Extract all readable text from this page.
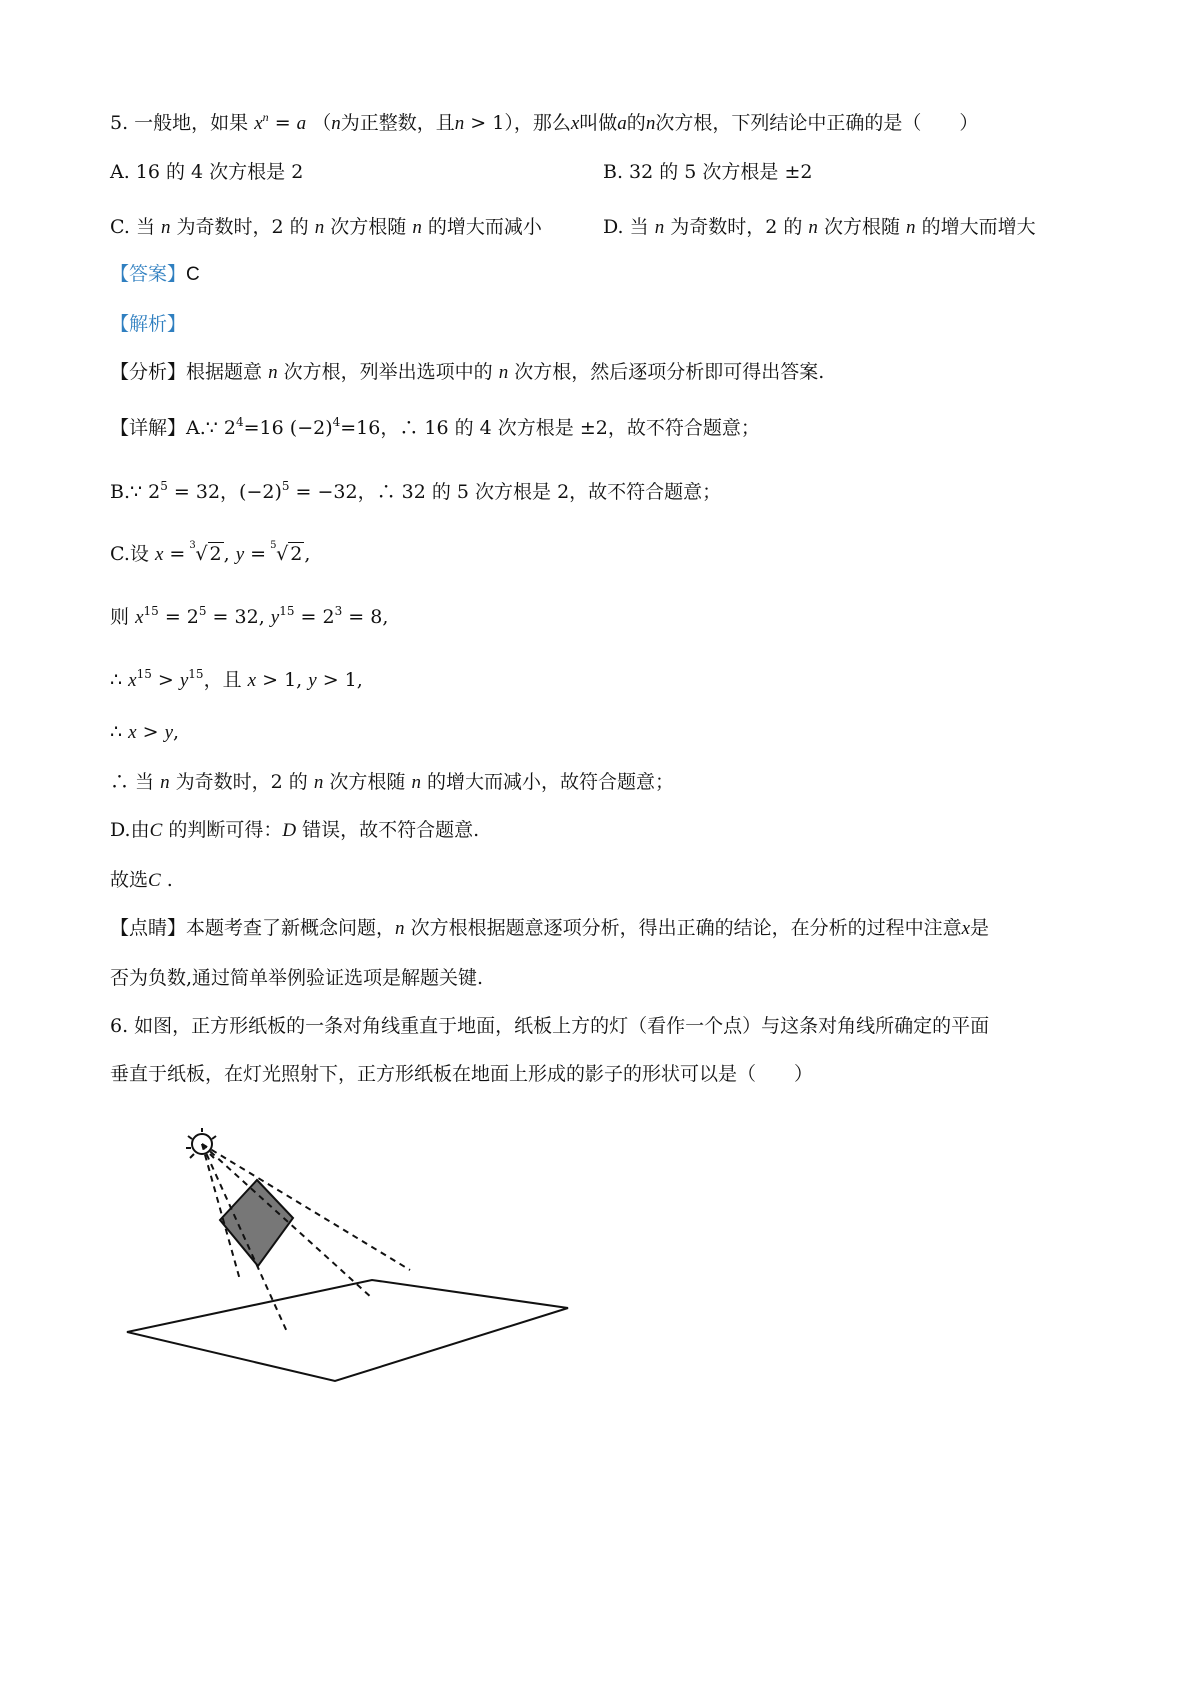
5. 一般地，如果 $x^n = a$ （n为正整数，且n > 1），那么x叫做a的n次方根，下列结论中正确的是（　　）
A. 16 的 4 次方根是 2	B. 32 的 5 次方根是 ±2
C. 当 n 为奇数时，2 的 n 次方根随 n 的增大而减小	D. 当 n 为奇数时，2 的 n 次方根随 n 的增大而增大
【答案】C
【解析】
【分析】根据题意 n 次方根，列举出选项中的 n 次方根，然后逐项分析即可得出答案.
【详解】A.∵ $2^4=16$ $(-2)^4=16$，∴ 16 的 4 次方根是 ±2，故不符合题意；
B.∵ $2^5 = 32$，$(-2)^5 = -32$，∴ 32 的 5 次方根是 2，故不符合题意；
C.设 x =
3 √ 2 , y =
5 √ 2 ,
则 $x^{15} = 2^5 = 32$, $y^{15} = 2^3 = 8$,
∴ $x^{15} > y^{15}$，且 x > 1, y > 1,
∴ x > y,
∴ 当 n 为奇数时，2 的 n 次方根随 n 的增大而减小，故符合题意；
D.由C 的判断可得：D 错误，故不符合题意.
故选C .
【点睛】本题考查了新概念问题，n 次方根根据题意逐项分析，得出正确的结论，在分析的过程中注意x是
否为负数,通过简单举例验证选项是解题关键.
6. 如图，正方形纸板的一条对角线重直于地面，纸板上方的灯（看作一个点）与这条对角线所确定的平面
垂直于纸板，在灯光照射下，正方形纸板在地面上形成的影子的形状可以是（　　）
